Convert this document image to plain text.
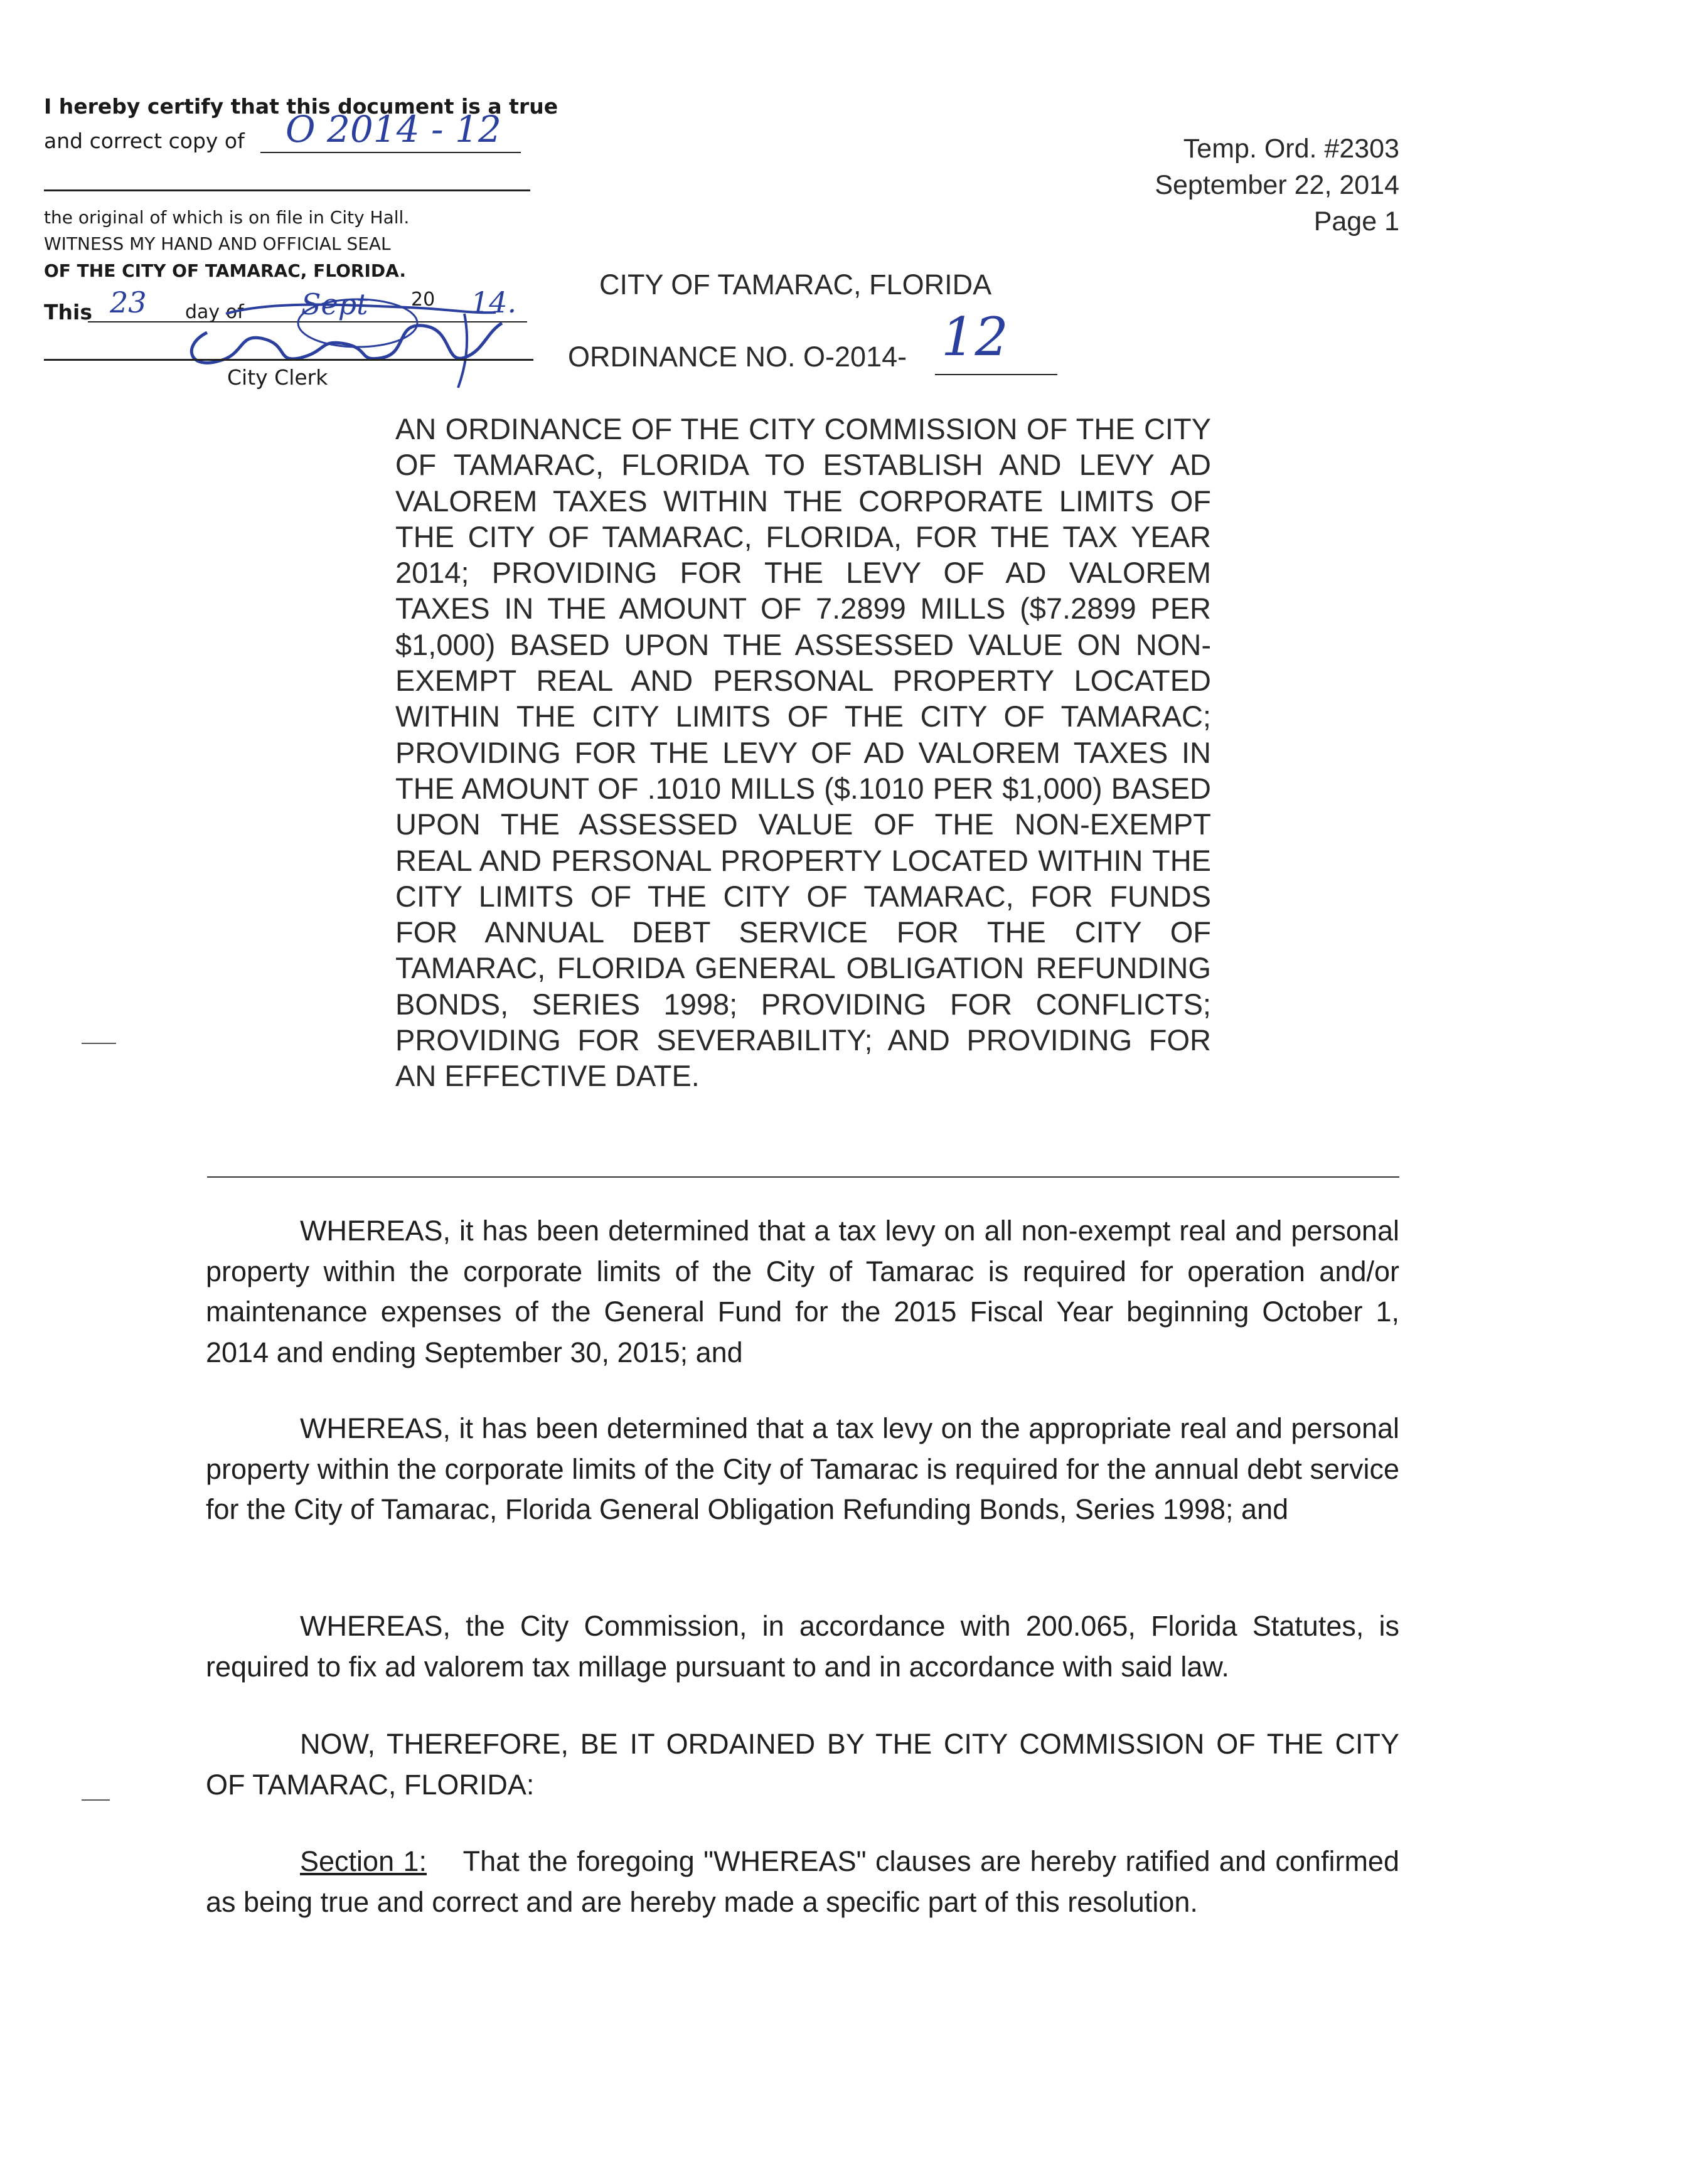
I hereby certify that this document is a true
and correct copy of O 2014 - 12
the original of which is on file in City Hall.
WITNESS MY HAND AND OFFICIAL SEAL
OF THE CITY OF TAMARAC, FLORIDA.
This 23 day of Sept 20 14.
City Clerk
Temp. Ord. #2303
September 22, 2014
Page 1
CITY OF TAMARAC, FLORIDA
ORDINANCE NO. O-2014- 12
AN ORDINANCE OF THE CITY COMMISSION OF THE CITY OF TAMARAC, FLORIDA TO ESTABLISH AND LEVY AD VALOREM TAXES WITHIN THE CORPORATE LIMITS OF THE CITY OF TAMARAC, FLORIDA, FOR THE TAX YEAR 2014; PROVIDING FOR THE LEVY OF AD VALOREM TAXES IN THE AMOUNT OF 7.2899 MILLS ($7.2899 PER $1,000) BASED UPON THE ASSESSED VALUE ON NON-EXEMPT REAL AND PERSONAL PROPERTY LOCATED WITHIN THE CITY LIMITS OF THE CITY OF TAMARAC; PROVIDING FOR THE LEVY OF AD VALOREM TAXES IN THE AMOUNT OF .1010 MILLS ($.1010 PER $1,000) BASED UPON THE ASSESSED VALUE OF THE NON-EXEMPT REAL AND PERSONAL PROPERTY LOCATED WITHIN THE CITY LIMITS OF THE CITY OF TAMARAC, FOR FUNDS FOR ANNUAL DEBT SERVICE FOR THE CITY OF TAMARAC, FLORIDA GENERAL OBLIGATION REFUNDING BONDS, SERIES 1998; PROVIDING FOR CONFLICTS; PROVIDING FOR SEVERABILITY; AND PROVIDING FOR AN EFFECTIVE DATE.

WHEREAS, it has been determined that a tax levy on all non-exempt real and personal property within the corporate limits of the City of Tamarac is required for operation and/or maintenance expenses of the General Fund for the 2015 Fiscal Year beginning October 1, 2014 and ending September 30, 2015; and

WHEREAS, it has been determined that a tax levy on the appropriate real and personal property within the corporate limits of the City of Tamarac is required for the annual debt service for the City of Tamarac, Florida General Obligation Refunding Bonds, Series 1998; and

WHEREAS, the City Commission, in accordance with 200.065, Florida Statutes, is required to fix ad valorem tax millage pursuant to and in accordance with said law.

NOW, THEREFORE, BE IT ORDAINED BY THE CITY COMMISSION OF THE CITY OF TAMARAC, FLORIDA:

Section 1: That the foregoing "WHEREAS" clauses are hereby ratified and confirmed as being true and correct and are hereby made a specific part of this resolution.
